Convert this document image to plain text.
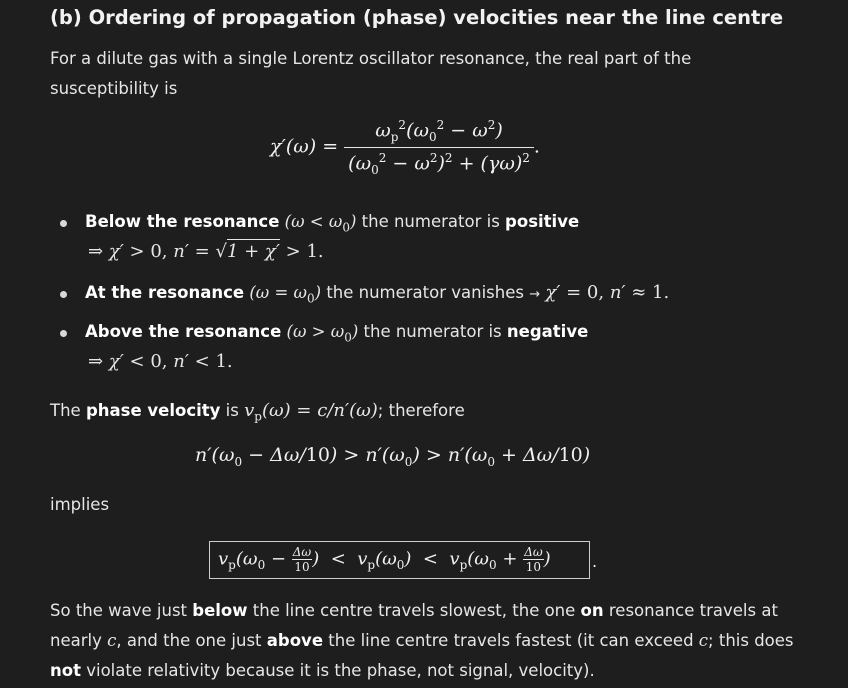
(b) Ordering of propagation (phase) velocities near the line centre
For a dilute gas with a single Lorentz oscillator resonance, the real part of the
susceptibility is
$\chi'(\omega) = \frac{\omega_p^2(\omega_0^2 - \omega^2)}{(\omega_0^2 - \omega^2)^2 + (\gamma\omega)^2}$ .
Below the resonance $(\omega < \omega_0)$ the numerator is positive
⇒ χ′ > 0, n′ = √1 + χ′ > 1.
At the resonance $(\omega = \omega_0)$ the numerator vanishes → χ′ = 0, n′ ≈ 1.
Above the resonance $(\omega > \omega_0)$ the numerator is negative
⇒ χ′ < 0, n′ < 1.
The phase velocity is $v_p(\omega) = c/n'(\omega)$; therefore
$n'(\omega_0 - \Delta\omega/10) > n'(\omega_0) > n'(\omega_0 + \Delta\omega/10)$
implies
$v_p(\omega_0 - \frac{\Delta\omega}{10}$ )  <  $v_p(\omega_0) < v_p(\omega_0 + \frac{\Delta\omega}{10}$ )	.
So the wave just below the line centre travels slowest, the one on resonance travels at
nearly c, and the one just above the line centre travels fastest (it can exceed c; this does
not violate relativity because it is the phase, not signal, velocity).
